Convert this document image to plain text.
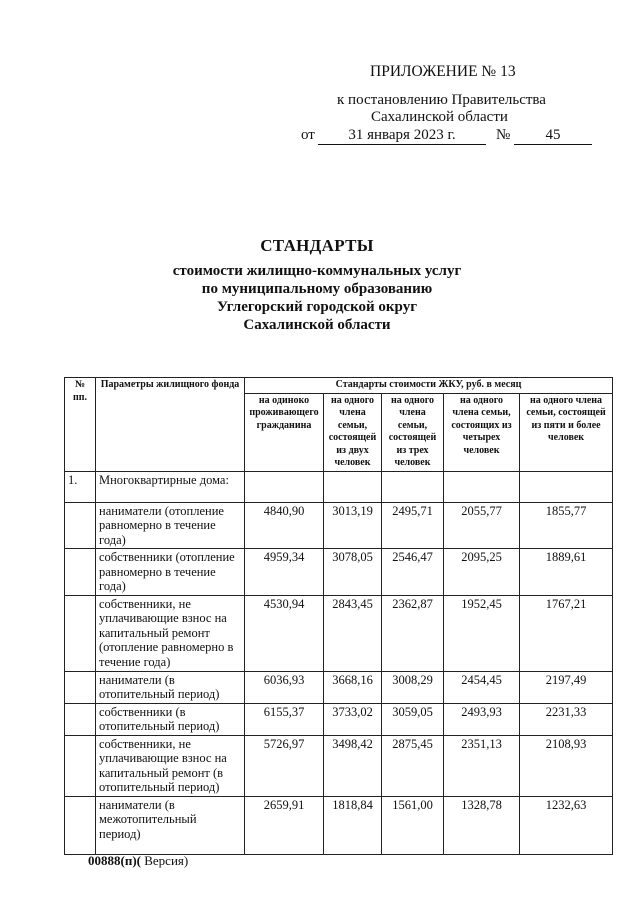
ПРИЛОЖЕНИЕ № 13
к постановлению Правительства
Сахалинской области
от	31 января 2023 г.	№	45
СТАНДАРТЫ
стоимости жилищно-коммунальных услуг
по муниципальному образованию
Углегорский городской округ
Сахалинской области
№ пп.	Параметры жилищного фонда	Стандарты стоимости ЖКУ, руб. в месяц				
		на одиноко проживающего гражданина	на одного члена семьи, состоящей из двух человек	на одного члена семьи, состоящей из трех человек	на одного члена семьи, состоящих из четырех человек	на одного члена семьи, состоящей из пяти и более человек
1.	Многоквартирные дома:					
	наниматели (отопление равномерно в течение года)	4840,90	3013,19	2495,71	2055,77	1855,77
	собственники (отопление равномерно в течение года)	4959,34	3078,05	2546,47	2095,25	1889,61
	собственники, не уплачивающие взнос на капитальный ремонт (отопление равномерно в течение года)	4530,94	2843,45	2362,87	1952,45	1767,21
	наниматели (в отопительный период)	6036,93	3668,16	3008,29	2454,45	2197,49
	собственники (в отопительный период)	6155,37	3733,02	3059,05	2493,93	2231,33
	собственники, не уплачивающие взнос на капитальный ремонт (в отопительный период)	5726,97	3498,42	2875,45	2351,13	2108,93
	наниматели (в межотопительный период)	2659,91	1818,84	1561,00	1328,78	1232,63
00888(п)( Версия)
